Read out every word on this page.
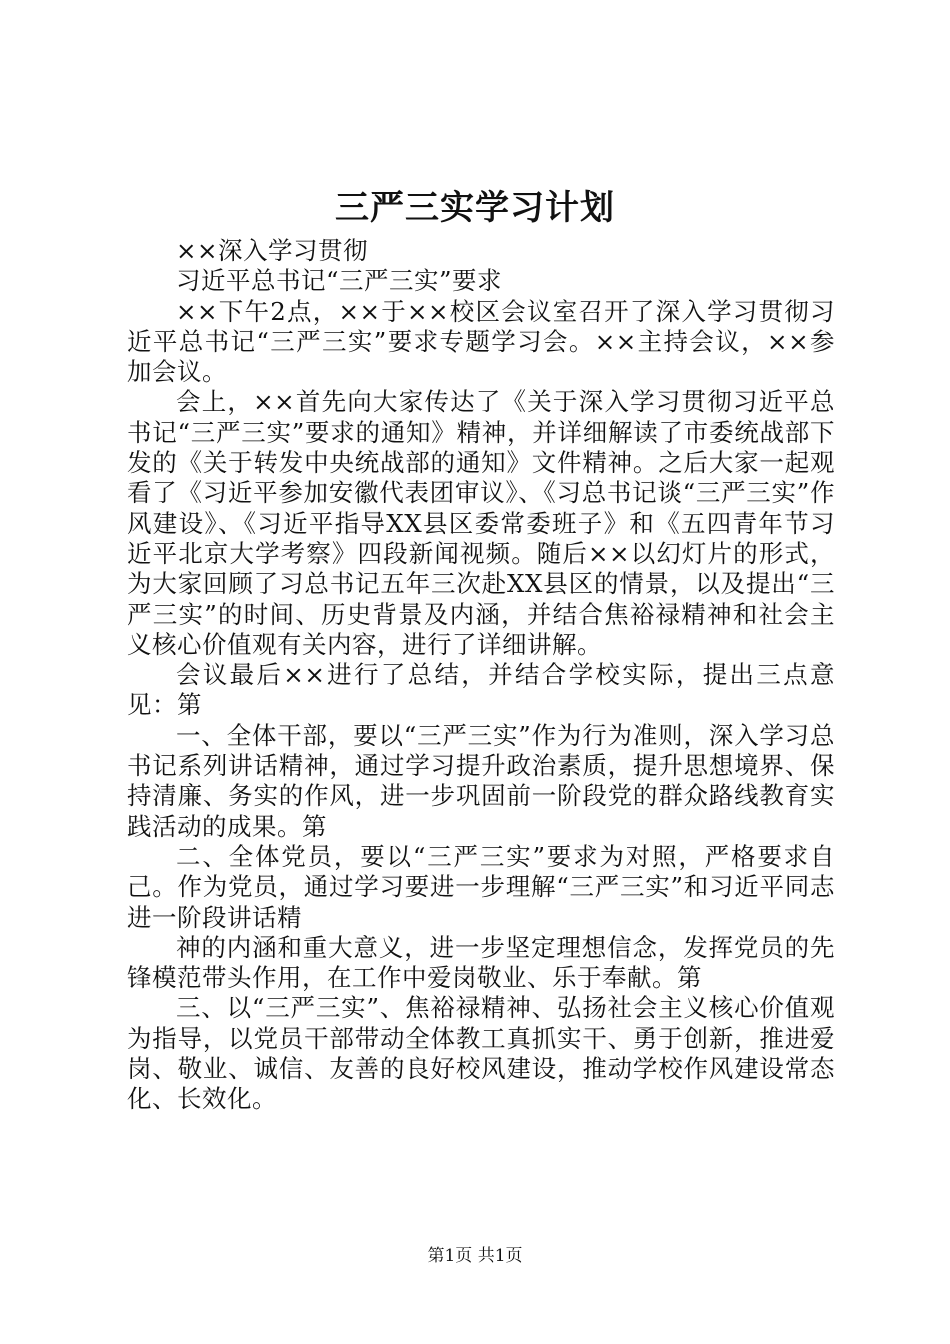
三严三实学习计划

××深入学习贯彻

习近平总书记“三严三实”要求

××下午2点，××于××校区会议室召开了深入学习贯彻习近平总书记“三严三实”要求专题学习会。××主持会议，××参加会议。

会上，××首先向大家传达了《关于深入学习贯彻习近平总书记“三严三实”要求的通知》精神，并详细解读了市委统战部下发的《关于转发中央统战部的通知》文件精神。之后大家一起观看了《习近平参加安徽代表团审议》、《习总书记谈“三严三实”作风建设》、《习近平指导XX县区委常委班子》和《五四青年节习近平北京大学考察》四段新闻视频。随后××以幻灯片的形式，为大家回顾了习总书记五年三次赴XX县区的情景，以及提出“三严三实”的时间、历史背景及内涵，并结合焦裕禄精神和社会主义核心价值观有关内容，进行了详细讲解。

会议最后××进行了总结，并结合学校实际，提出三点意见：第

一、全体干部，要以“三严三实”作为行为准则，深入学习总书记系列讲话精神，通过学习提升政治素质，提升思想境界、保持清廉、务实的作风，进一步巩固前一阶段党的群众路线教育实践活动的成果。第

二、全体党员，要以“三严三实”要求为对照，严格要求自己。作为党员，通过学习要进一步理解“三严三实”和习近平同志进一阶段讲话精

神的内涵和重大意义，进一步坚定理想信念，发挥党员的先锋模范带头作用，在工作中爱岗敬业、乐于奉献。第

三、以“三严三实”、焦裕禄精神、弘扬社会主义核心价值观为指导，以党员干部带动全体教工真抓实干、勇于创新，推进爱岗、敬业、诚信、友善的良好校风建设，推动学校作风建设常态化、长效化。

第1页 共1页
